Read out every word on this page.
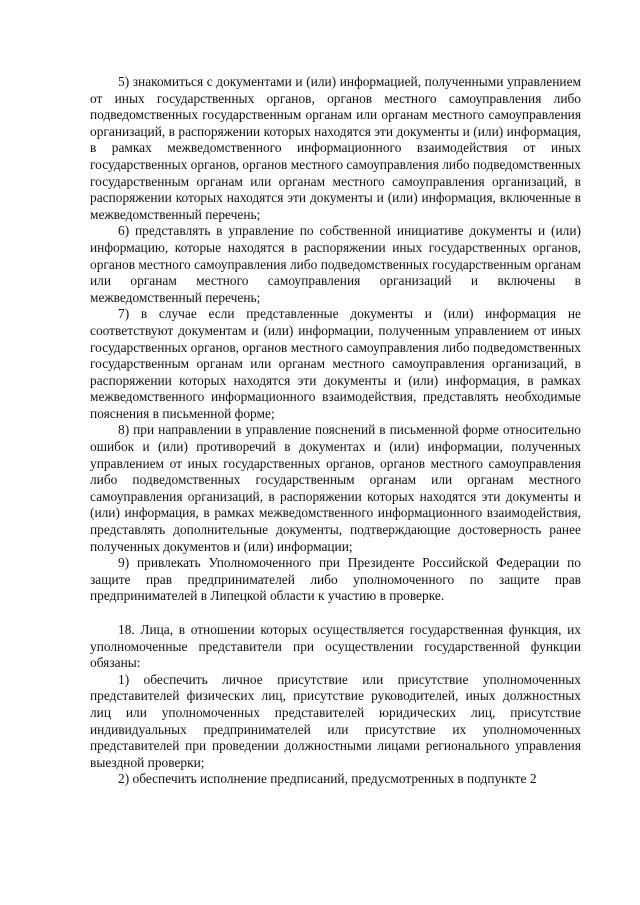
5) знакомиться с документами и (или) информацией, полученными управлением от иных государственных органов, органов местного самоуправления либо подведомственных государственным органам или органам местного самоуправления организаций, в распоряжении которых находятся эти документы и (или) информация, в рамках межведомственного информационного взаимодействия от иных государственных органов, органов местного самоуправления либо подведомственных государственным органам или органам местного самоуправления организаций, в распоряжении которых находятся эти документы и (или) информация, включенные в межведомственный перечень;

6) представлять в управление по собственной инициативе документы и (или) информацию, которые находятся в распоряжении иных государственных органов, органов местного самоуправления либо подведомственных государственным органам или органам местного самоуправления организаций и включены в межведомственный перечень;

7) в случае если представленные документы и (или) информация не соответствуют документам и (или) информации, полученным управлением от иных государственных органов, органов местного самоуправления либо подведомственных государственным органам или органам местного самоуправления организаций, в распоряжении которых находятся эти документы и (или) информация, в рамках межведомственного информационного взаимодействия, представлять необходимые пояснения в письменной форме;

8) при направлении в управление пояснений в письменной форме относительно ошибок и (или) противоречий в документах и (или) информации, полученных управлением от иных государственных органов, органов местного самоуправления либо подведомственных государственным органам или органам местного самоуправления организаций, в распоряжении которых находятся эти документы и (или) информация, в рамках межведомственного информационного взаимодействия, представлять дополнительные документы, подтверждающие достоверность ранее полученных документов и (или) информации;

9) привлекать Уполномоченного при Президенте Российской Федерации по защите прав предпринимателей либо уполномоченного по защите прав предпринимателей в Липецкой области к участию в проверке.

18. Лица, в отношении которых осуществляется государственная функция, их уполномоченные представители при осуществлении государственной функции обязаны:

1) обеспечить личное присутствие или присутствие уполномоченных представителей физических лиц, присутствие руководителей, иных должностных лиц или уполномоченных представителей юридических лиц, присутствие индивидуальных предпринимателей или присутствие их уполномоченных представителей при проведении должностными лицами регионального управления выездной проверки;

2) обеспечить исполнение предписаний, предусмотренных в подпункте 2
